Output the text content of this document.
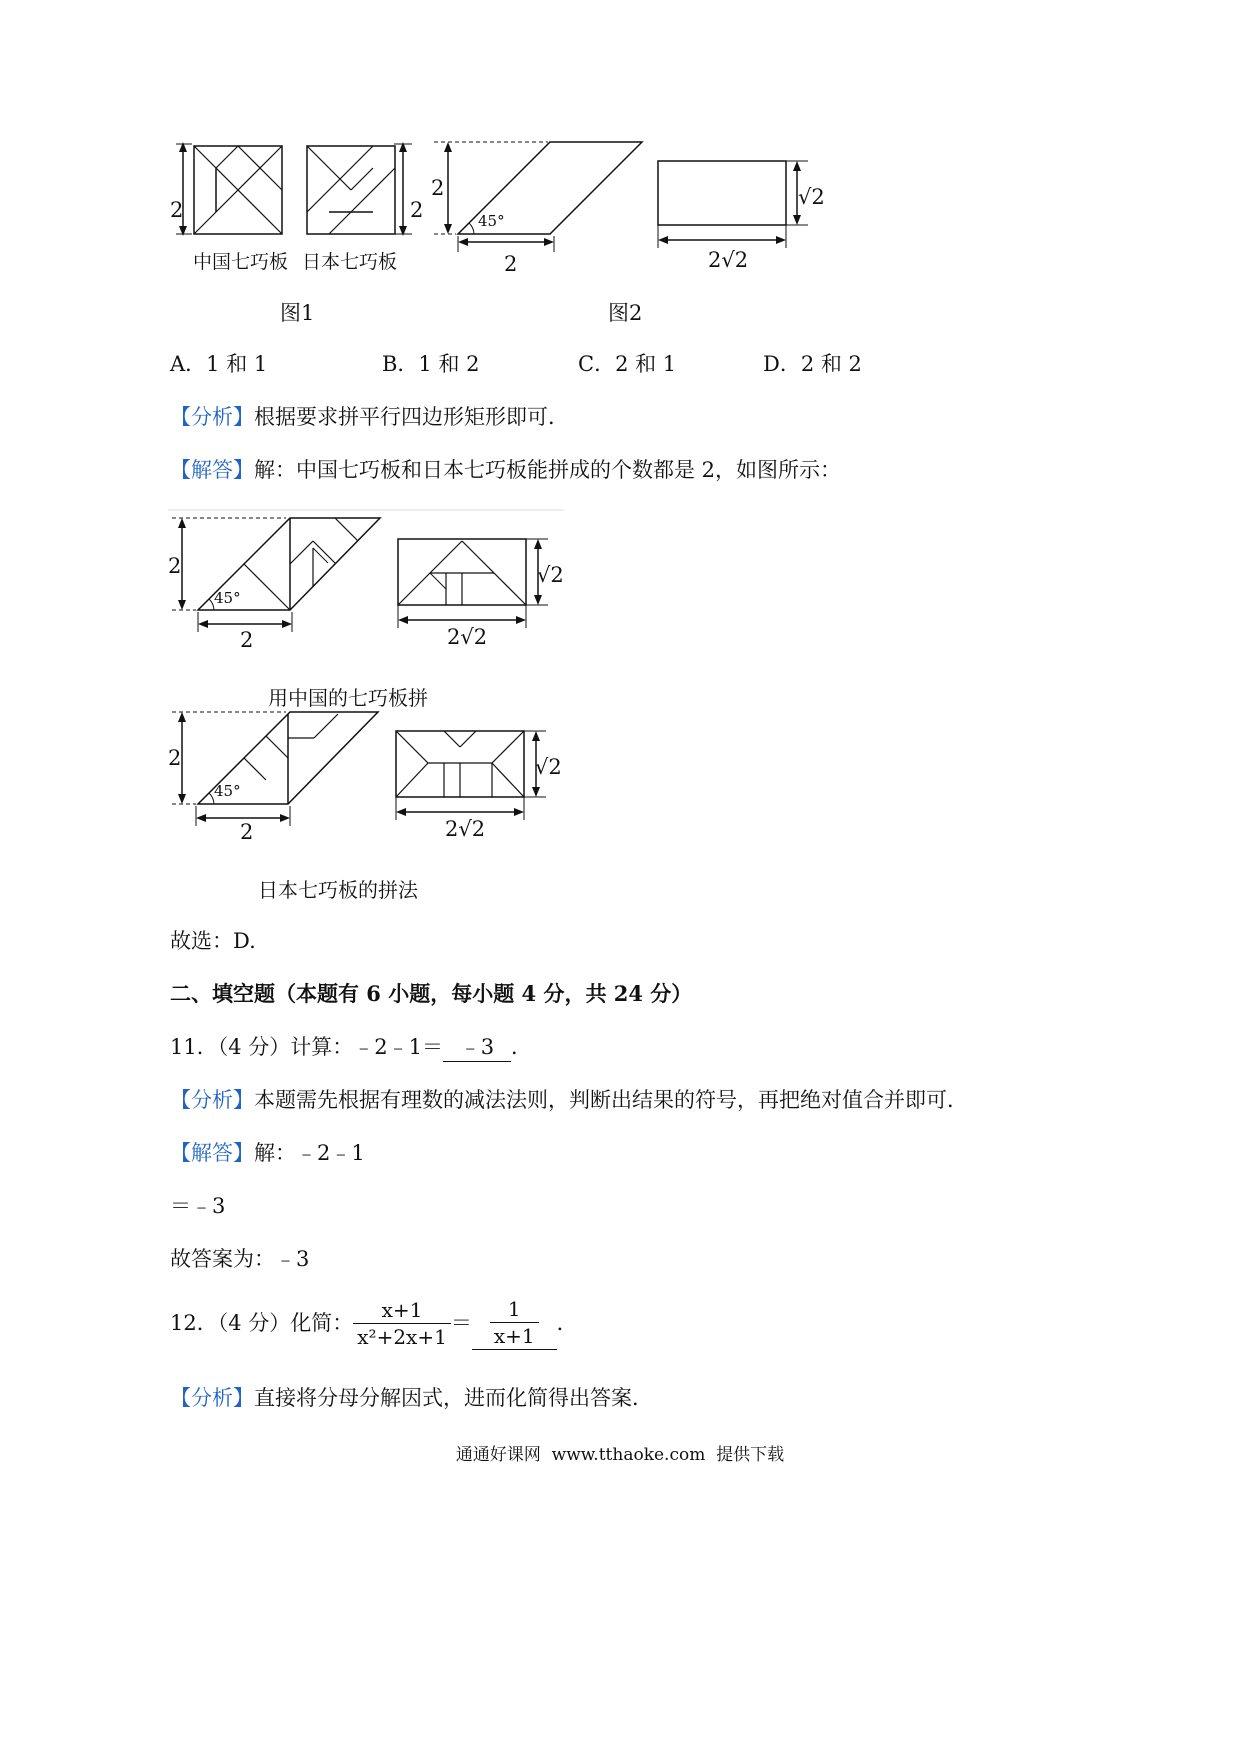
2	2
中国七巧板 日本七巧板
图1
2
45°
2
√2
2√2
图2
A．1 和 1	B．1 和 2	C．2 和 1	D．2 和 2
【分析】根据要求拼平行四边形矩形即可．
【解答】解：中国七巧板和日本七巧板能拼成的个数都是 2，如图所示：
2
45°
2
√2
2√2
用中国的七巧板拼
2
45°
2
√2
2√2
日本七巧板的拼法
故选：D.
二、填空题（本题有 6 小题，每小题 4 分，共 24 分）
11．（4 分）计算：﹣2﹣1＝ ﹣3 ．
【分析】本题需先根据有理数的减法法则，判断出结果的符号，再把绝对值合并即可．
【解答】解：﹣2﹣1
＝﹣3
故答案为：﹣3
12．（4 分）化简： $\frac{x+1}{\text{x²+2x+1}} = \frac{1}{x+1}$ ．
【分析】直接将分母分解因式，进而化简得出答案．
通通好课网  www.tthaoke.com  提供下载
